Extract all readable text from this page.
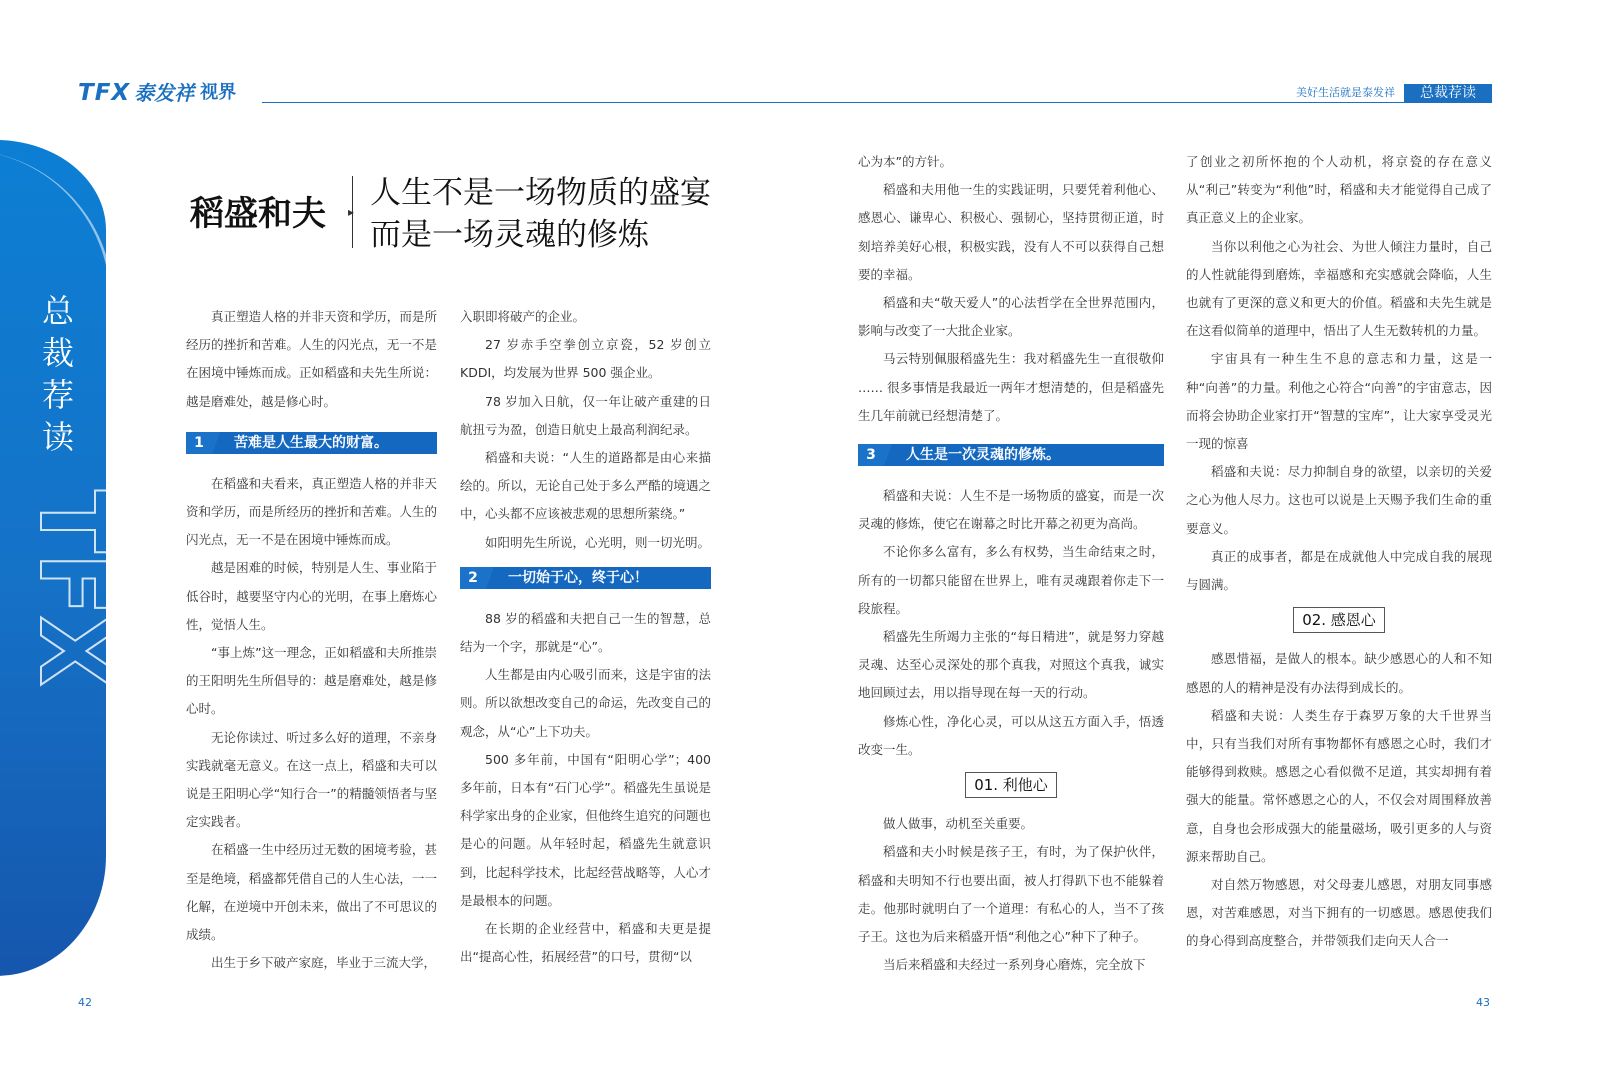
TFX 泰发祥 视界	美好生活就是泰发祥	总裁荐读
总裁荐读
TFX
稻盛和夫 ▸
人生不是一场物质的盛宴
而是一场灵魂的修炼

真正塑造人格的并非天资和学历，而是所经历的挫折和苦难。人生的闪光点，无一不是在困境中锤炼而成。正如稻盛和夫先生所说：越是磨难处，越是修心时。

1	苦难是人生最大的财富。

在稻盛和夫看来，真正塑造人格的并非天资和学历，而是所经历的挫折和苦难。人生的闪光点，无一不是在困境中锤炼而成。

越是困难的时候，特别是人生、事业陷于低谷时，越要坚守内心的光明，在事上磨炼心性，觉悟人生。

“事上炼”这一理念，正如稻盛和夫所推崇的王阳明先生所倡导的：越是磨难处，越是修心时。

无论你读过、听过多么好的道理，不亲身实践就毫无意义。在这一点上，稻盛和夫可以说是王阳明心学“知行合一”的精髓领悟者与坚定实践者。

在稻盛一生中经历过无数的困境考验，甚至是绝境，稻盛都凭借自己的人生心法，一一化解，在逆境中开创未来，做出了不可思议的成绩。

出生于乡下破产家庭，毕业于三流大学，

入职即将破产的企业。

27 岁赤手空拳创立京瓷，52 岁创立 KDDI，均发展为世界 500 强企业。

78 岁加入日航，仅一年让破产重建的日航扭亏为盈，创造日航史上最高利润纪录。

稻盛和夫说：“人生的道路都是由心来描绘的。所以，无论自己处于多么严酷的境遇之中，心头都不应该被悲观的思想所萦绕。”

如阳明先生所说，心光明，则一切光明。

2	一切始于心，终于心！

88 岁的稻盛和夫把自己一生的智慧，总结为一个字，那就是“心”。

人生都是由内心吸引而来，这是宇宙的法则。所以欲想改变自己的命运，先改变自己的观念，从“心”上下功夫。

500 多年前，中国有“阳明心学”；400 多年前，日本有“石门心学”。稻盛先生虽说是科学家出身的企业家，但他终生追究的问题也是心的问题。从年轻时起，稻盛先生就意识到，比起科学技术，比起经营战略等，人心才是最根本的问题。

在长期的企业经营中，稻盛和夫更是提出“提高心性，拓展经营”的口号，贯彻“以

心为本”的方针。

稻盛和夫用他一生的实践证明，只要凭着利他心、感恩心、谦卑心、积极心、强韧心，坚持贯彻正道，时刻培养美好心根，积极实践，没有人不可以获得自己想要的幸福。

稻盛和夫“敬天爱人”的心法哲学在全世界范围内，影响与改变了一大批企业家。

马云特别佩服稻盛先生：我对稻盛先生一直很敬仰 …… 很多事情是我最近一两年才想清楚的，但是稻盛先生几年前就已经想清楚了。

3	人生是一次灵魂的修炼。

稻盛和夫说：人生不是一场物质的盛宴，而是一次灵魂的修炼，使它在谢幕之时比开幕之初更为高尚。

不论你多么富有，多么有权势，当生命结束之时，所有的一切都只能留在世界上，唯有灵魂跟着你走下一段旅程。

稻盛先生所竭力主张的“每日精进”，就是努力穿越灵魂、达至心灵深处的那个真我，对照这个真我，诚实地回顾过去，用以指导现在每一天的行动。

修炼心性，净化心灵，可以从这五方面入手，悟透改变一生。

01. 利他心

做人做事，动机至关重要。

稻盛和夫小时候是孩子王，有时，为了保护伙伴，稻盛和夫明知不行也要出面，被人打得趴下也不能躲着走。他那时就明白了一个道理：有私心的人，当不了孩子王。这也为后来稻盛开悟“利他之心”种下了种子。

当后来稻盛和夫经过一系列身心磨炼，完全放下

了创业之初所怀抱的个人动机，将京瓷的存在意义从“利己”转变为“利他”时，稻盛和夫才能觉得自己成了真正意义上的企业家。

当你以利他之心为社会、为世人倾注力量时，自己的人性就能得到磨炼，幸福感和充实感就会降临，人生也就有了更深的意义和更大的价值。稻盛和夫先生就是在这看似简单的道理中，悟出了人生无数转机的力量。

宇宙具有一种生生不息的意志和力量，这是一种“向善”的力量。利他之心符合“向善”的宇宙意志，因而将会协助企业家打开“智慧的宝库”，让大家享受灵光一现的惊喜

稻盛和夫说：尽力抑制自身的欲望，以亲切的关爱之心为他人尽力。这也可以说是上天赐予我们生命的重要意义。

真正的成事者，都是在成就他人中完成自我的展现与圆满。

02. 感恩心

感恩惜福，是做人的根本。缺少感恩心的人和不知感恩的人的精神是没有办法得到成长的。

稻盛和夫说：人类生存于森罗万象的大千世界当中，只有当我们对所有事物都怀有感恩之心时，我们才能够得到救赎。感恩之心看似微不足道，其实却拥有着强大的能量。常怀感恩之心的人，不仅会对周围释放善意，自身也会形成强大的能量磁场，吸引更多的人与资源来帮助自己。

对自然万物感恩，对父母妻儿感恩，对朋友同事感恩，对苦难感恩，对当下拥有的一切感恩。感恩使我们的身心得到高度整合，并带领我们走向天人合一

42	43
